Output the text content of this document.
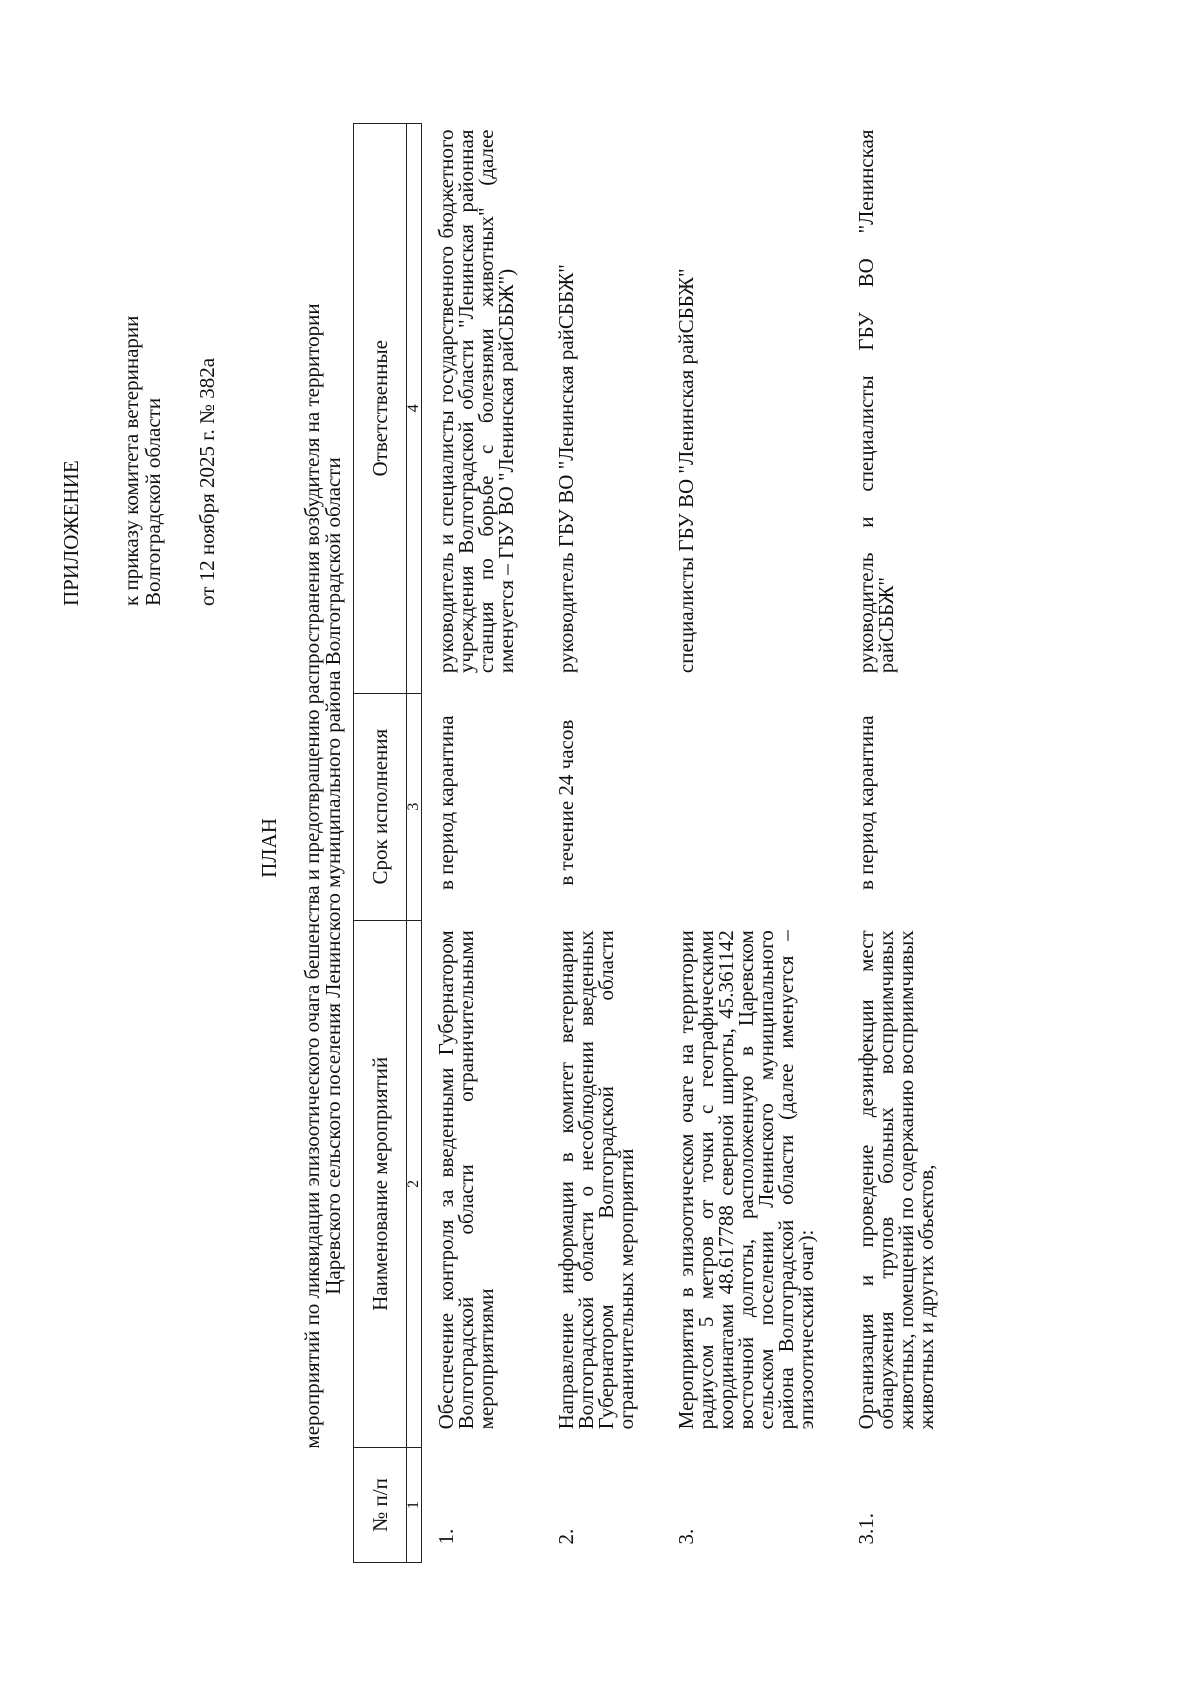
ПРИЛОЖЕНИЕ к приказу комитета ветеринарии
Волгоградской области от 12 ноября 2025 г. № 382а
ПЛАН мероприятий по ликвидации эпизоотического очага бешенства и предотвращению распространения возбудителя на территории Царевского сельского поселения Ленинского муниципального района Волгоградской области
№ п/п	Наименование мероприятий	Срок исполнения	Ответственные
1	2	3	4
1.	Обеспечение контроля за введенными Губернатором Волгоградской области ограничительными мероприятиями	в период карантина	руководитель и специалисты государственного бюджетного учреждения Волгоградской области "Ленинская районная станция по борьбе с болезнями животных" (далее именуется – ГБУ ВО "Ленинская райСББЖ")
2.	Направление информации в комитет ветеринарии Волгоградской области о несоблюдении введенных Губернатором Волгоградской области ограничительных мероприятий	в течение 24 часов	руководитель ГБУ ВО "Ленинская райСББЖ"
3.	Мероприятия в эпизоотическом очаге на территории радиусом 5 метров от точки с географическими координатами 48.617788 северной широты, 45.361142 восточной долготы, расположенную в Царевском сельском поселении Ленинского муниципального района Волгоградской области (далее именуется – эпизоотический очаг):		специалисты ГБУ ВО "Ленинская райСББЖ"
3.1.	Организация и проведение дезинфекции мест обнаружения трупов больных восприимчивых животных, помещений по содержанию восприимчивых животных и других объектов,	в период карантина	руководитель и специалисты ГБУ ВО "Ленинская райСББЖ"
